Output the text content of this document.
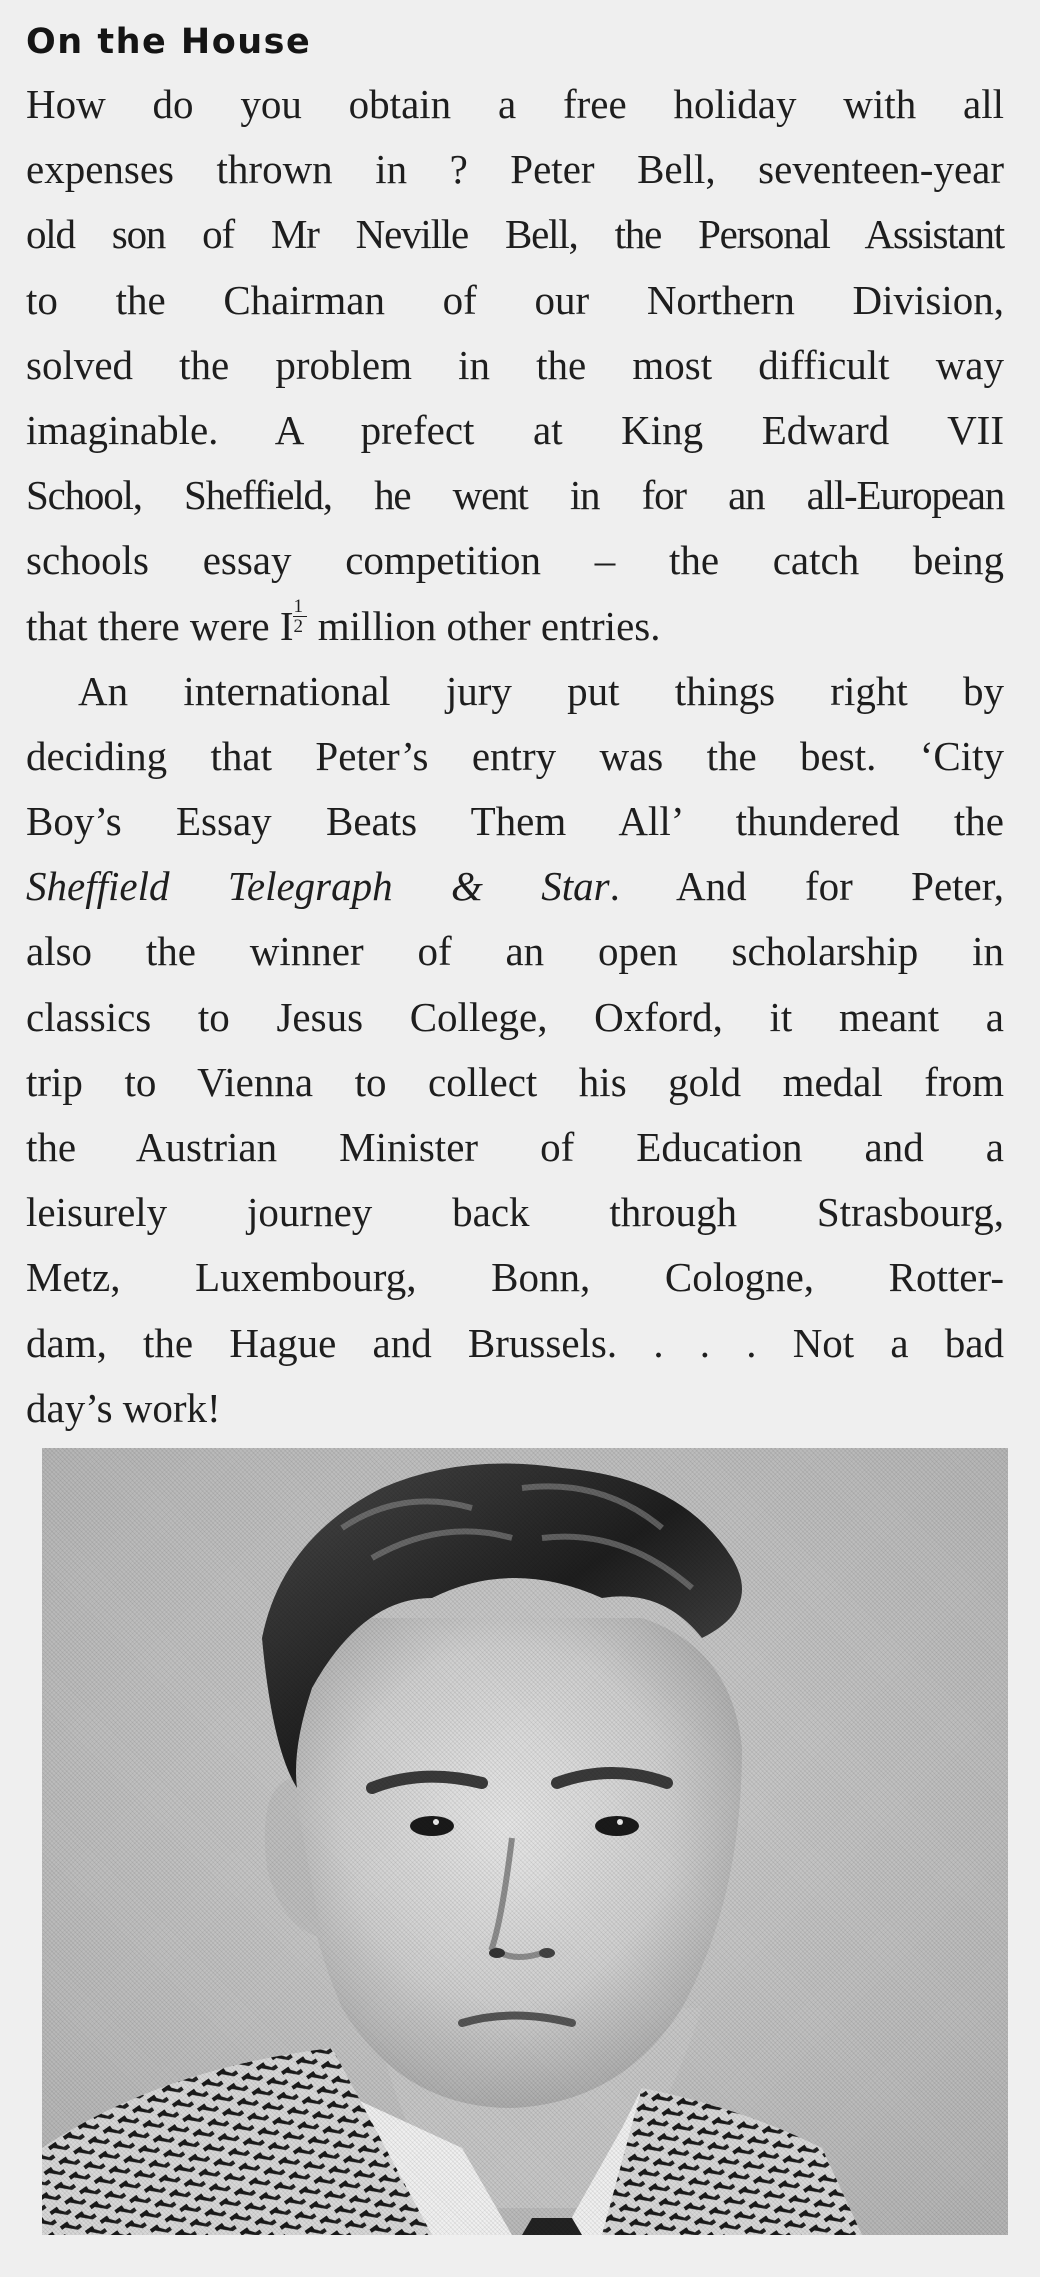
On the House
How do you obtain a free holiday with all
expenses thrown in ? Peter Bell, seventeen-year
old son of Mr Neville Bell, the Personal Assistant
to the Chairman of our Northern Division,
solved the problem in the most difficult way
imaginable. A prefect at King Edward VII
School, Sheffield, he went in for an all-European
schools essay competition – the catch being
that there were I $\frac{1}{2}$ million other entries.
An international jury put things right by
deciding that Peter’s entry was the best. ‘City
Boy’s Essay Beats Them All’ thundered the
Sheffield Telegraph & Star. And for Peter,
also the winner of an open scholarship in
classics to Jesus College, Oxford, it meant a
trip to Vienna to collect his gold medal from
the Austrian Minister of Education and a
leisurely journey back through Strasbourg,
Metz, Luxembourg, Bonn, Cologne, Rotter-
dam, the Hague and Brussels. . . . Not a bad
day’s work!
